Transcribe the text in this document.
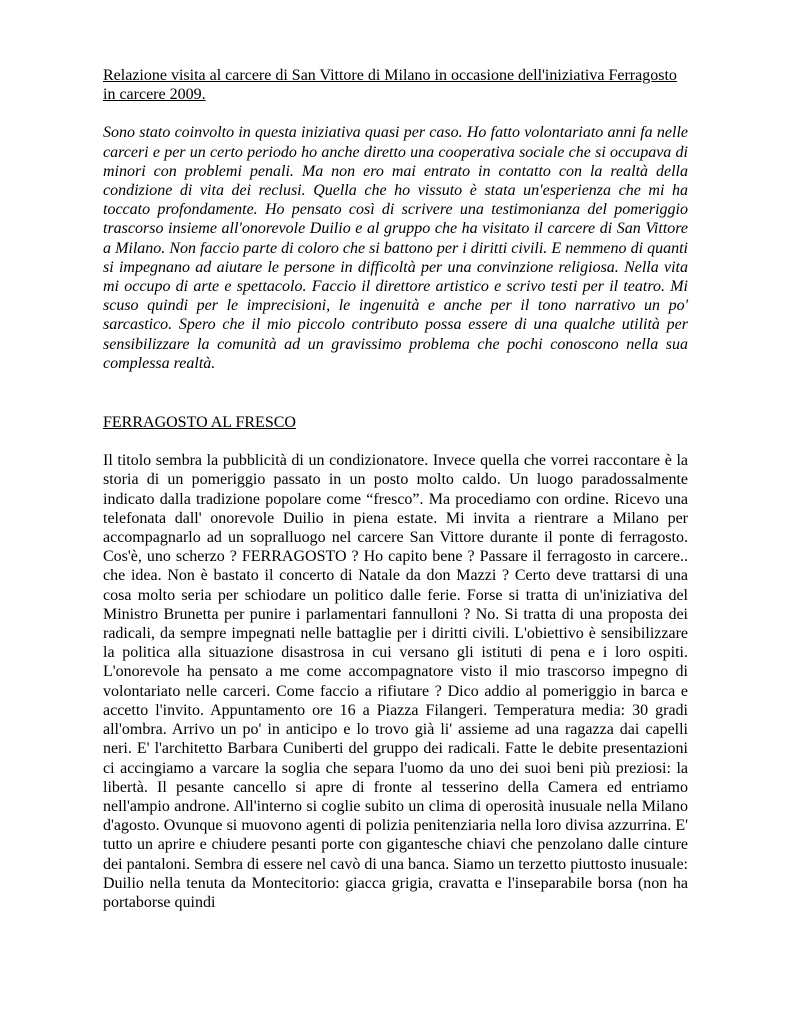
Relazione visita al carcere di San Vittore di Milano in occasione dell'iniziativa Ferragosto in carcere 2009.

Sono stato coinvolto in questa iniziativa quasi per caso. Ho fatto volontariato anni fa nelle carceri e per un certo periodo ho anche diretto una cooperativa sociale che si occupava di minori con problemi penali. Ma non ero mai entrato in contatto con la realtà della condizione di vita dei reclusi. Quella che ho vissuto è stata un'esperienza che mi ha toccato profondamente. Ho pensato così di scrivere una testimonianza del pomeriggio trascorso insieme all'onorevole Duilio e al gruppo che ha visitato il carcere di San Vittore a Milano. Non faccio parte di coloro che si battono per i diritti civili. E nemmeno di quanti si impegnano ad aiutare le persone in difficoltà per una convinzione religiosa. Nella vita mi occupo di arte e spettacolo. Faccio il direttore artistico e scrivo testi per il teatro. Mi scuso quindi per le imprecisioni, le ingenuità e anche per il tono narrativo un po' sarcastico. Spero che il mio piccolo contributo possa essere di una qualche utilità per sensibilizzare la comunità ad un gravissimo problema che pochi conoscono nella sua complessa realtà.

FERRAGOSTO AL FRESCO

Il titolo sembra la pubblicità di un condizionatore. Invece quella che vorrei raccontare è la storia di un pomeriggio passato in un posto molto caldo. Un luogo paradossalmente indicato dalla tradizione popolare come “fresco”. Ma procediamo con ordine. Ricevo una telefonata dall' onorevole Duilio in piena estate. Mi invita a rientrare a Milano per accompagnarlo ad un sopralluogo nel carcere San Vittore durante il ponte di ferragosto. Cos'è, uno scherzo ? FERRAGOSTO ? Ho capito bene ? Passare il ferragosto in carcere.. che idea. Non è bastato il concerto di Natale da don Mazzi ? Certo deve trattarsi di una cosa molto seria per schiodare un politico dalle ferie. Forse si tratta di un'iniziativa del Ministro Brunetta per punire i parlamentari fannulloni ? No. Si tratta di una proposta dei radicali, da sempre impegnati nelle battaglie per i diritti civili. L'obiettivo è sensibilizzare la politica alla situazione disastrosa in cui versano gli istituti di pena e i loro ospiti. L'onorevole ha pensato a me come accompagnatore visto il mio trascorso impegno di volontariato nelle carceri. Come faccio a rifiutare ? Dico addio al pomeriggio in barca e accetto l'invito. Appuntamento ore 16 a Piazza Filangeri. Temperatura media: 30 gradi all'ombra. Arrivo un po' in anticipo e lo trovo già li' assieme ad una ragazza dai capelli neri. E' l'architetto Barbara Cuniberti del gruppo dei radicali. Fatte le debite presentazioni ci accingiamo a varcare la soglia che separa l'uomo da uno dei suoi beni più preziosi: la libertà. Il pesante cancello si apre di fronte al tesserino della Camera ed entriamo nell'ampio androne. All'interno si coglie subito un clima di operosità inusuale nella Milano d'agosto. Ovunque si muovono agenti di polizia penitenziaria nella loro divisa azzurrina. E' tutto un aprire e chiudere pesanti porte con gigantesche chiavi che penzolano dalle cinture dei pantaloni. Sembra di essere nel cavò di una banca. Siamo un terzetto piuttosto inusuale: Duilio nella tenuta da Montecitorio: giacca grigia, cravatta e l'inseparabile borsa (non ha portaborse quindi
